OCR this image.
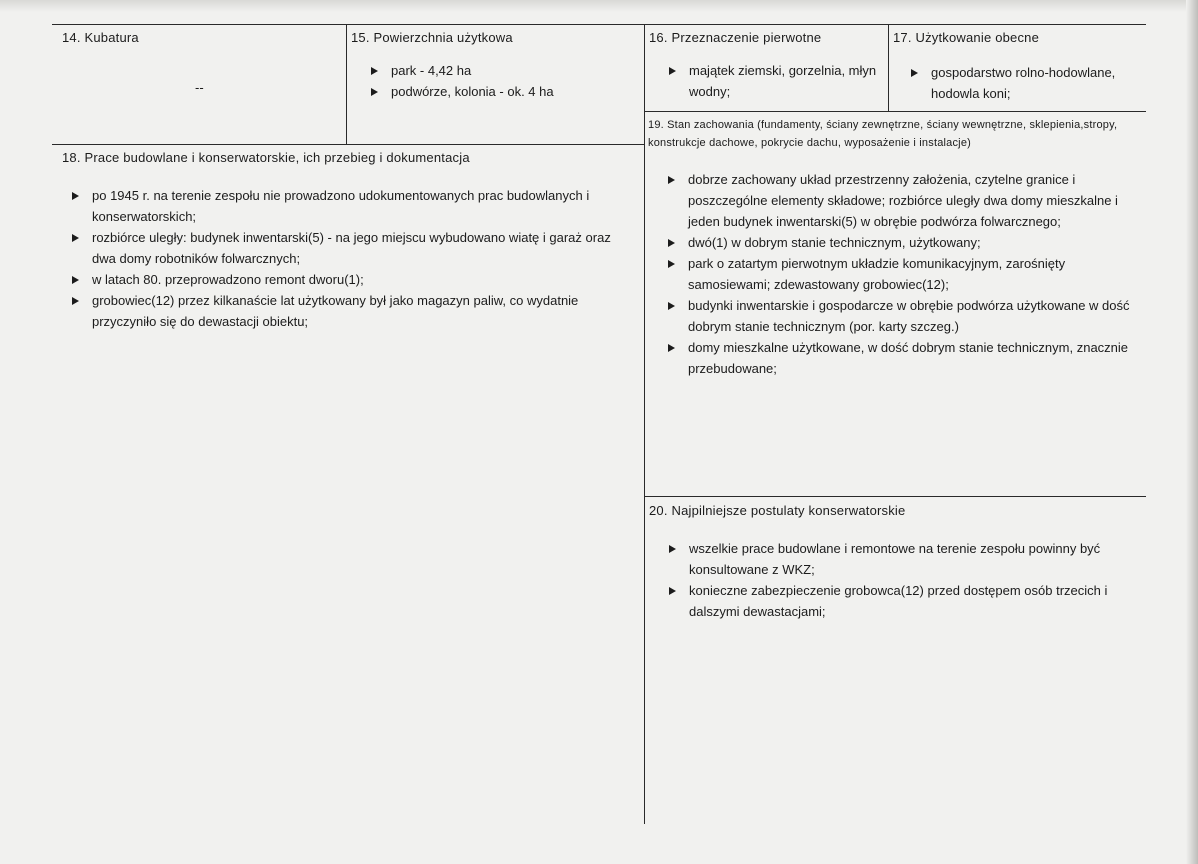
14. Kubatura
--
15. Powierzchnia użytkowa
park - 4,42 ha
podwórze, kolonia - ok. 4 ha
16. Przeznaczenie pierwotne
majątek ziemski, gorzelnia, młyn wodny;
17. Użytkowanie obecne
gospodarstwo rolno-hodowlane, hodowla koni;
18. Prace budowlane i konserwatorskie, ich przebieg i dokumentacja
po 1945 r. na terenie zespołu nie prowadzono udokumentowanych prac budowlanych i konserwatorskich;
rozbiórce uległy: budynek inwentarski(5) - na jego miejscu wybudowano wiatę i garaż oraz dwa domy robotników folwarcznych;
w latach 80. przeprowadzono remont dworu(1);
grobowiec(12) przez kilkanaście lat użytkowany był jako magazyn paliw, co wydatnie przyczyniło się do dewastacji obiektu;
19. Stan zachowania (fundamenty, ściany zewnętrzne, ściany wewnętrzne, sklepienia,stropy, konstrukcje dachowe, pokrycie dachu, wyposażenie i instalacje)
dobrze zachowany układ przestrzenny założenia, czytelne granice i poszczególne elementy składowe; rozbiórce uległy dwa domy mieszkalne i jeden budynek inwentarski(5) w obrębie podwórza folwarcznego;
dwó(1) w dobrym stanie technicznym, użytkowany;
park o zatartym pierwotnym układzie komunikacyjnym, zarośnięty samosiewami; zdewastowany grobowiec(12);
budynki inwentarskie i gospodarcze w obrębie podwórza użytkowane w dość dobrym stanie technicznym (por. karty szczeg.)
domy mieszkalne użytkowane, w dość dobrym stanie technicznym, znacznie przebudowane;
20. Najpilniejsze postulaty konserwatorskie
wszelkie prace budowlane i remontowe na terenie zespołu powinny być konsultowane z WKZ;
konieczne zabezpieczenie grobowca(12) przed dostępem osób trzecich i dalszymi dewastacjami;
